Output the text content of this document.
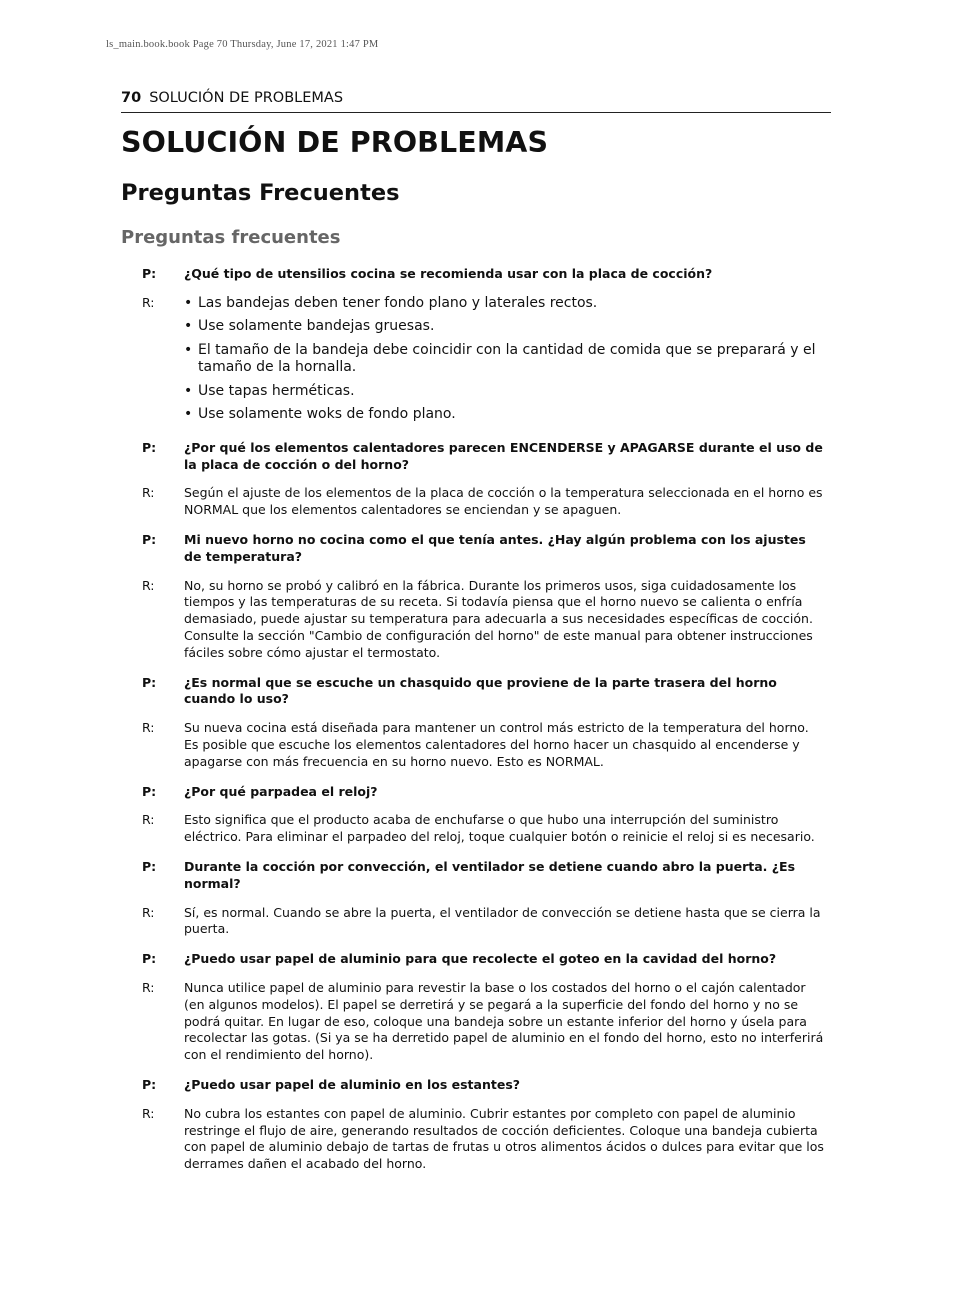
ls_main.book.book Page 70 Thursday, June 17, 2021 1:47 PM
70 SOLUCIÓN DE PROBLEMAS
SOLUCIÓN DE PROBLEMAS
Preguntas Frecuentes
Preguntas frecuentes
P:	¿Qué tipo de utensilios cocina se recomienda usar con la placa de cocción?
R:	• Las bandejas deben tener fondo plano y laterales rectos.
• Use solamente bandejas gruesas.
• El tamaño de la bandeja debe coincidir con la cantidad de comida que se preparará y el tamaño de la hornalla.
• Use tapas herméticas.
• Use solamente woks de fondo plano.
P:	¿Por qué los elementos calentadores parecen ENCENDERSE y APAGARSE durante el uso de la placa de cocción o del horno?
R:	Según el ajuste de los elementos de la placa de cocción o la temperatura seleccionada en el horno es NORMAL que los elementos calentadores se enciendan y se apaguen.
P:	Mi nuevo horno no cocina como el que tenía antes. ¿Hay algún problema con los ajustes de temperatura?
R:	No, su horno se probó y calibró en la fábrica. Durante los primeros usos, siga cuidadosamente los tiempos y las temperaturas de su receta. Si todavía piensa que el horno nuevo se calienta o enfría demasiado, puede ajustar su temperatura para adecuarla a sus necesidades específicas de cocción. Consulte la sección "Cambio de configuración del horno" de este manual para obtener instrucciones fáciles sobre cómo ajustar el termostato.
P:	¿Es normal que se escuche un chasquido que proviene de la parte trasera del horno cuando lo uso?
R:	Su nueva cocina está diseñada para mantener un control más estricto de la temperatura del horno. Es posible que escuche los elementos calentadores del horno hacer un chasquido al encenderse y apagarse con más frecuencia en su horno nuevo. Esto es NORMAL.
P:	¿Por qué parpadea el reloj?
R:	Esto significa que el producto acaba de enchufarse o que hubo una interrupción del suministro eléctrico. Para eliminar el parpadeo del reloj, toque cualquier botón o reinicie el reloj si es necesario.
P:	Durante la cocción por convección, el ventilador se detiene cuando abro la puerta. ¿Es normal?
R:	Sí, es normal. Cuando se abre la puerta, el ventilador de convección se detiene hasta que se cierra la puerta.
P:	¿Puedo usar papel de aluminio para que recolecte el goteo en la cavidad del horno?
R:	Nunca utilice papel de aluminio para revestir la base o los costados del horno o el cajón calentador (en algunos modelos). El papel se derretirá y se pegará a la superficie del fondo del horno y no se podrá quitar. En lugar de eso, coloque una bandeja sobre un estante inferior del horno y úsela para recolectar las gotas. (Si ya se ha derretido papel de aluminio en el fondo del horno, esto no interferirá con el rendimiento del horno).
P:	¿Puedo usar papel de aluminio en los estantes?
R:	No cubra los estantes con papel de aluminio. Cubrir estantes por completo con papel de aluminio restringe el flujo de aire, generando resultados de cocción deficientes. Coloque una bandeja cubierta con papel de aluminio debajo de tartas de frutas u otros alimentos ácidos o dulces para evitar que los derrames dañen el acabado del horno.
